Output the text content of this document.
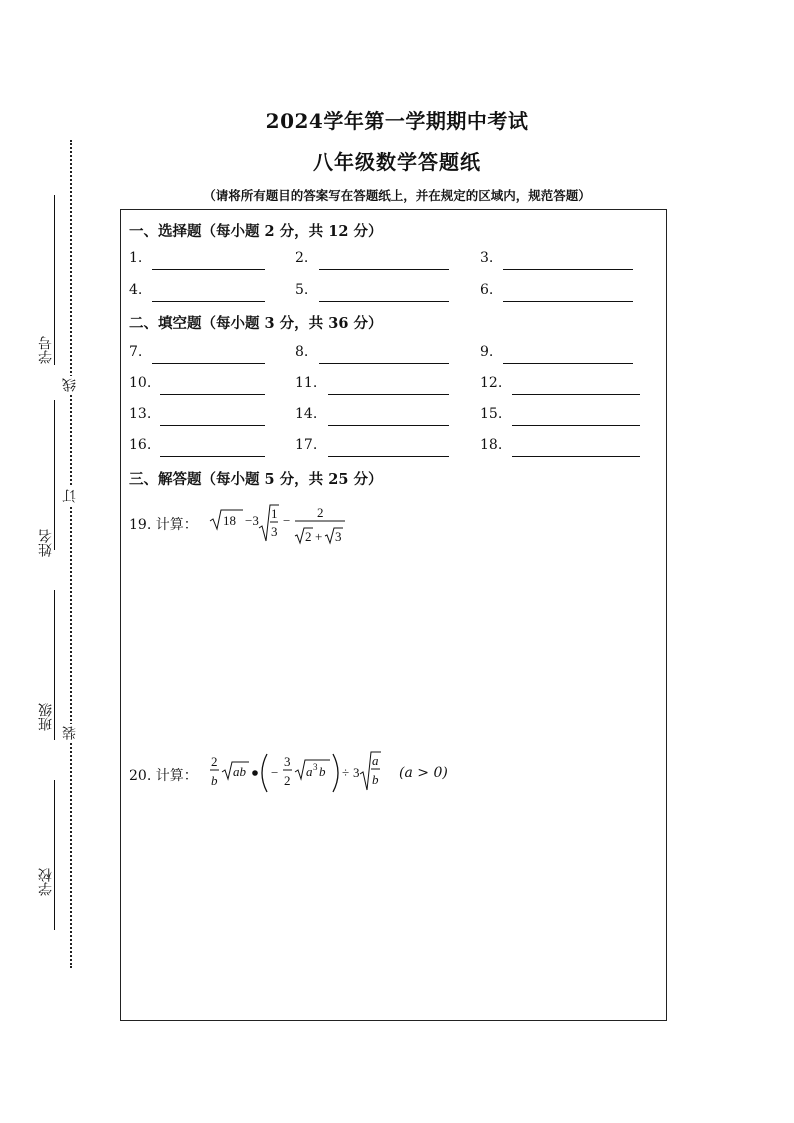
线
订
装
学号
姓名
班级
学校
2024学年第一学期期中考试
八年级数学答题纸
（请将所有题目的答案写在答题纸上，并在规定的区域内，规范答题）
一、选择题（每小题 2 分，共 12 分）
1.	2.	3.
4.	5.	6.
二、填空题（每小题 3 分，共 36 分）
7.	8.	9.
10.	11.	12.
13.	14.	15.
16.	17.	18.
三、解答题（每小题 5 分，共 25 分）
19. 计算： 18 −3 1
3
−
2
2 + 3
20. 计算：
2
b
ab −
3
2
a 3 b ÷ 3
a
b (a > 0)
